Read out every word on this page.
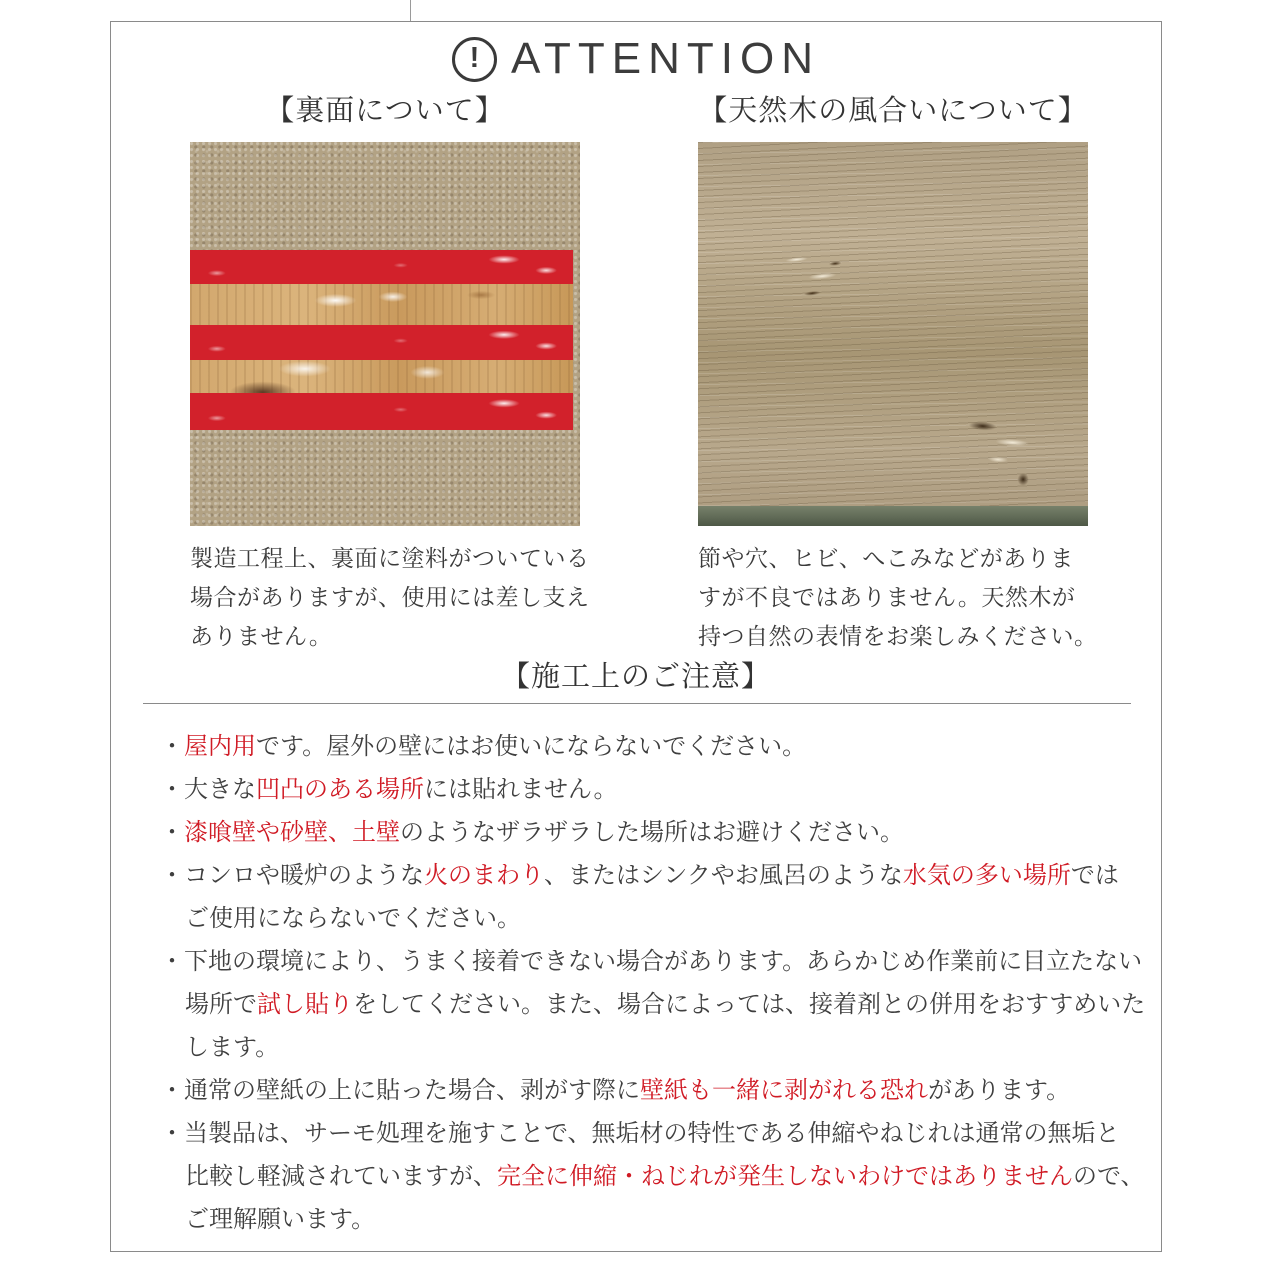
! ATTENTION
【裏面について】
製造工程上、裏面に塗料がついている
場合がありますが、使用には差し支え
ありません。
【天然木の風合いについて】
節や穴、ヒビ、へこみなどがありま
すが不良ではありません。天然木が
持つ自然の表情をお楽しみください。
【施工上のご注意】
・屋内用です。屋外の壁にはお使いにならないでください。
・大きな凹凸のある場所には貼れません。
・漆喰壁や砂壁、土壁のようなザラザラした場所はお避けください。
・コンロや暖炉のような火のまわり、またはシンクやお風呂のような水気の多い場所では
ご使用にならないでください。
・下地の環境により、うまく接着できない場合があります。あらかじめ作業前に目立たない
場所で試し貼りをしてください。また、場合によっては、接着剤との併用をおすすめいた
します。
・通常の壁紙の上に貼った場合、剥がす際に壁紙も一緒に剥がれる恐れがあります。
・当製品は、サーモ処理を施すことで、無垢材の特性である伸縮やねじれは通常の無垢と
比較し軽減されていますが、完全に伸縮・ねじれが発生しないわけではありませんので、
ご理解願います。
